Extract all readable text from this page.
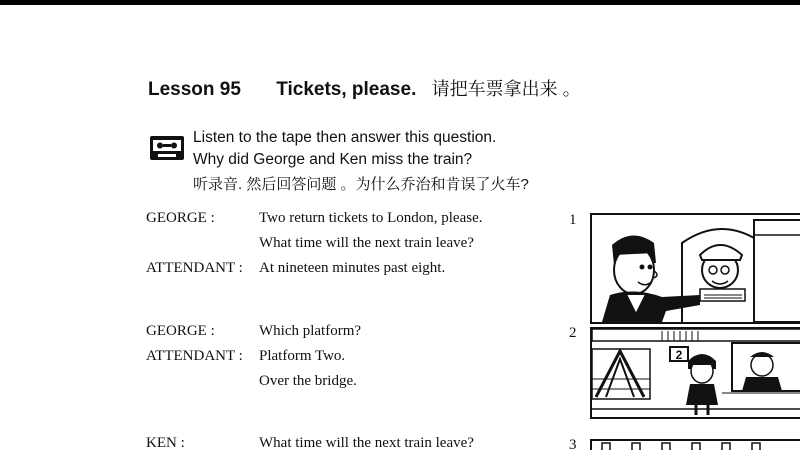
Lesson 95 Tickets, please. 请把车票拿出来 。
Listen to the tape then answer this question.
Why did George and Ken miss the train?
听录音. 然后回答问题 。为什么乔治和肯误了火车?
GEORGE :	Two return tickets to London, please.
What time will the next train leave?
ATTENDANT : At nineteen minutes past eight.
GEORGE :	Which platform?
ATTENDANT : Platform Two.
Over the bridge.
KEN :	What time will the next train leave?
1
2
3
2
